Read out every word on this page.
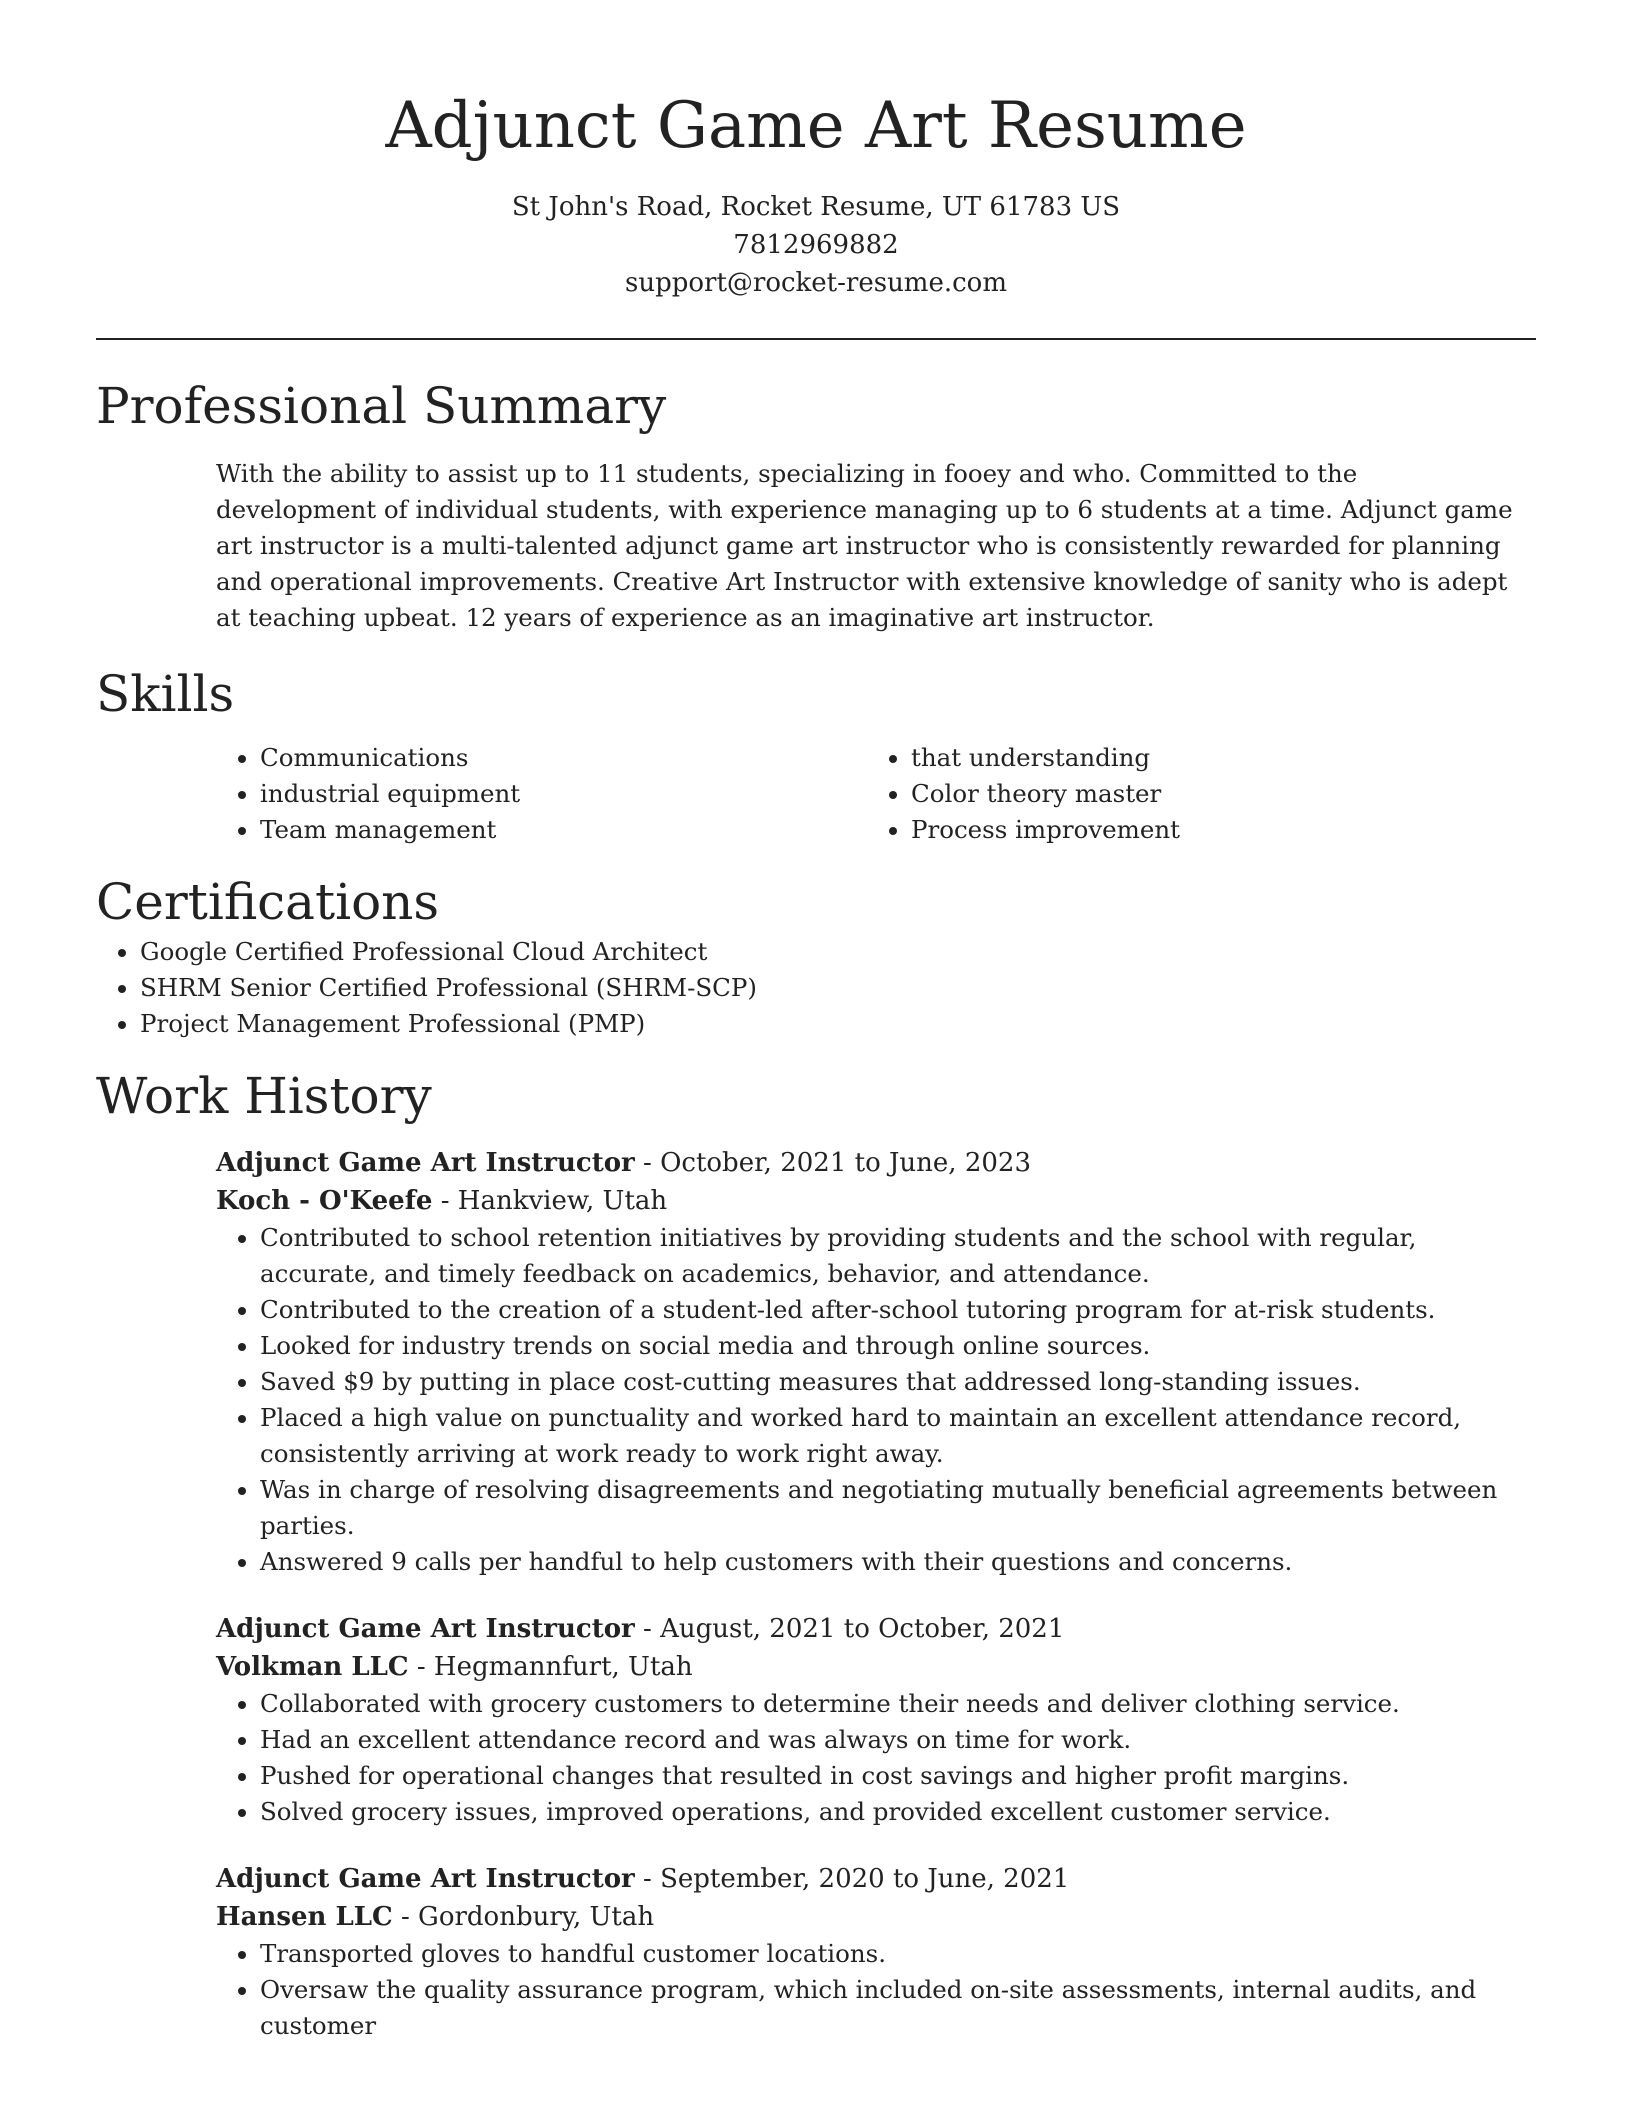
Adjunct Game Art Resume
St John's Road, Rocket Resume, UT 61783 US
7812969882
support@rocket-resume.com
Professional Summary

With the ability to assist up to 11 students, specializing in fooey and who. Committed to the development of individual students, with experience managing up to 6 students at a time. Adjunct game art instructor is a multi-talented adjunct game art instructor who is consistently rewarded for planning and operational improvements. Creative Art Instructor with extensive knowledge of sanity who is adept at teaching upbeat. 12 years of experience as an imaginative art instructor.

Skills
• Communications
• industrial equipment
• Team management
• that understanding
• Color theory master
• Process improvement
Certifications
• Google Certified Professional Cloud Architect
• SHRM Senior Certified Professional (SHRM-SCP)
• Project Management Professional (PMP)
Work History
Adjunct Game Art Instructor - October, 2021 to June, 2023
Koch - O'Keefe - Hankview, Utah
• Contributed to school retention initiatives by providing students and the school with regular, accurate, and timely feedback on academics, behavior, and attendance.
• Contributed to the creation of a student-led after-school tutoring program for at-risk students.
• Looked for industry trends on social media and through online sources.
• Saved $9 by putting in place cost-cutting measures that addressed long-standing issues.
• Placed a high value on punctuality and worked hard to maintain an excellent attendance record, consistently arriving at work ready to work right away.
• Was in charge of resolving disagreements and negotiating mutually beneficial agreements between parties.
• Answered 9 calls per handful to help customers with their questions and concerns.
Adjunct Game Art Instructor - August, 2021 to October, 2021
Volkman LLC - Hegmannfurt, Utah
• Collaborated with grocery customers to determine their needs and deliver clothing service.
• Had an excellent attendance record and was always on time for work.
• Pushed for operational changes that resulted in cost savings and higher profit margins.
• Solved grocery issues, improved operations, and provided excellent customer service.
Adjunct Game Art Instructor - September, 2020 to June, 2021
Hansen LLC - Gordonbury, Utah
• Transported gloves to handful customer locations.
• Oversaw the quality assurance program, which included on-site assessments, internal audits, and customer
